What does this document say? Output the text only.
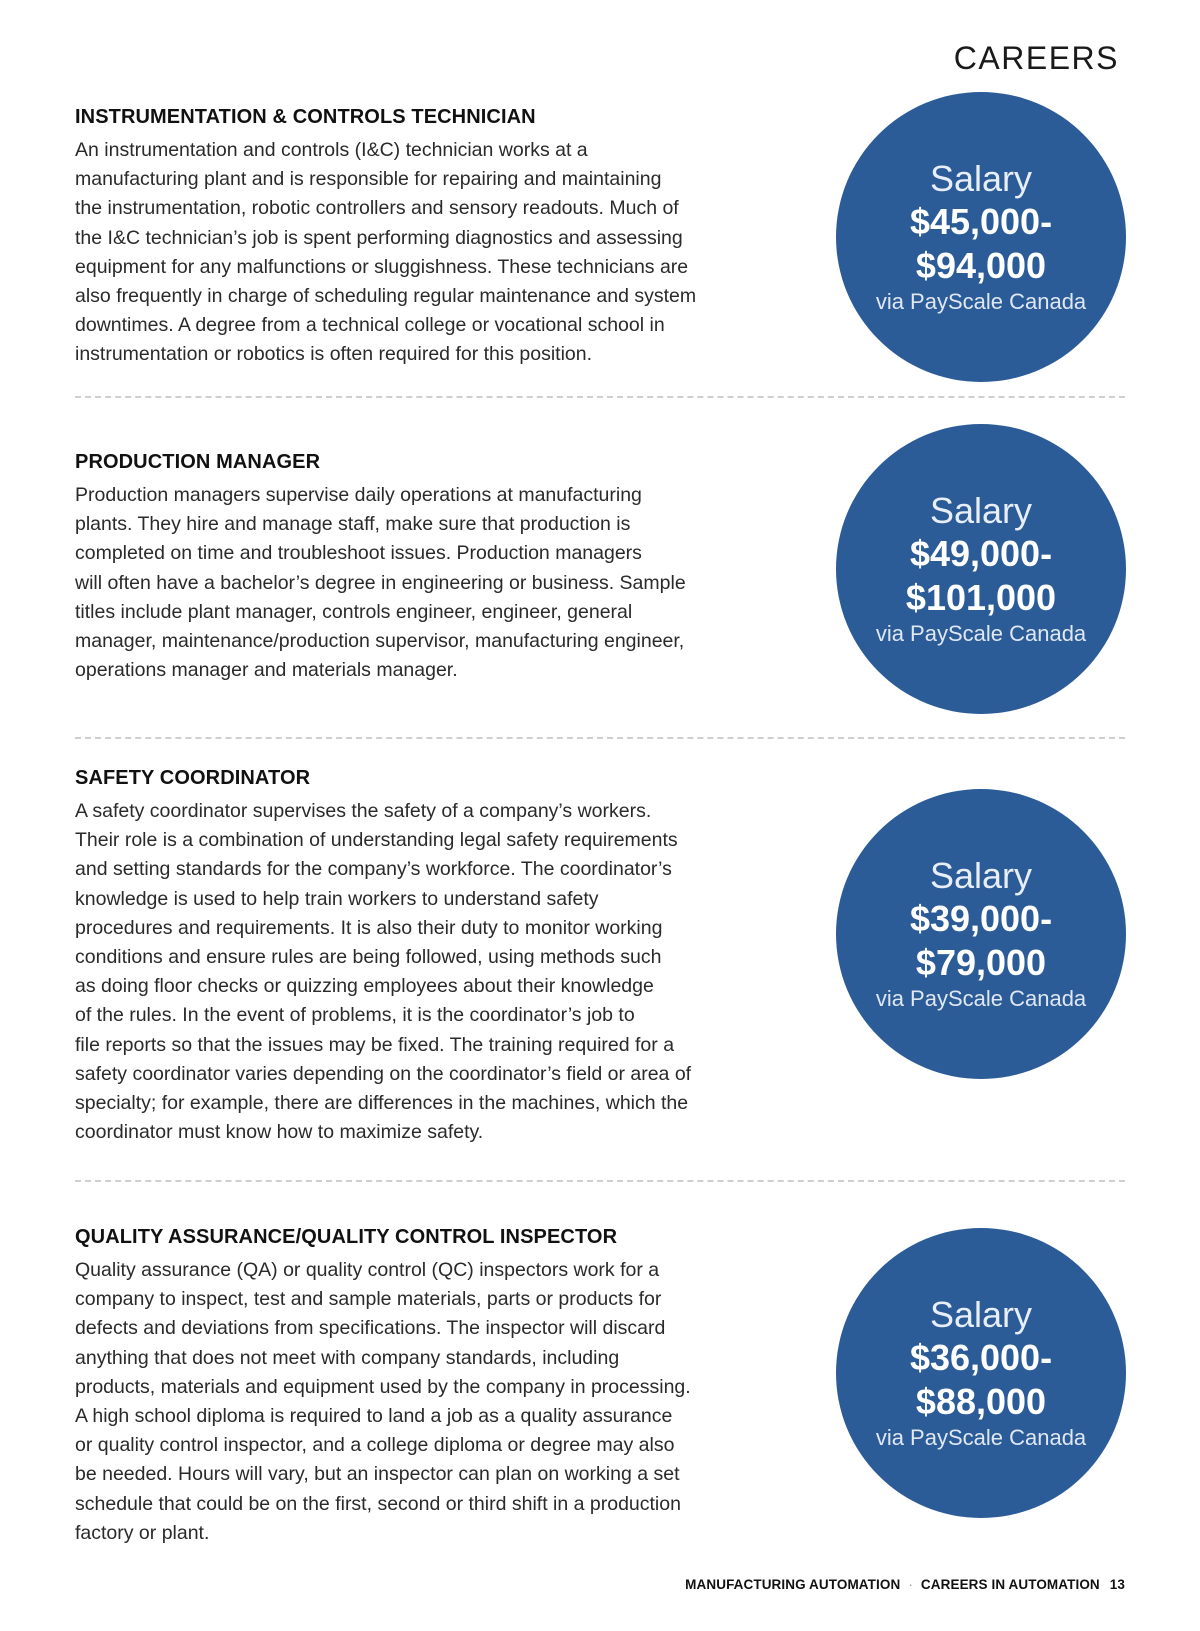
CAREERS
INSTRUMENTATION & CONTROLS TECHNICIAN
An instrumentation and controls (I&C) technician works at a
manufacturing plant and is responsible for repairing and maintaining
the instrumentation, robotic controllers and sensory readouts. Much of
the I&C technician’s job is spent performing diagnostics and assessing
equipment for any malfunctions or sluggishness. These technicians are
also frequently in charge of scheduling regular maintenance and system
downtimes. A degree from a technical college or vocational school in
instrumentation or robotics is often required for this position.
Salary
$45,000-
$94,000
via PayScale Canada
PRODUCTION MANAGER
Production managers supervise daily operations at manufacturing
plants. They hire and manage staff, make sure that production is
completed on time and troubleshoot issues. Production managers
will often have a bachelor’s degree in engineering or business. Sample
titles include plant manager, controls engineer, engineer, general
manager, maintenance/production supervisor, manufacturing engineer,
operations manager and materials manager.
Salary
$49,000-
$101,000
via PayScale Canada
SAFETY COORDINATOR
A safety coordinator supervises the safety of a company’s workers.
Their role is a combination of understanding legal safety requirements
and setting standards for the company’s workforce. The coordinator’s
knowledge is used to help train workers to understand safety
procedures and requirements. It is also their duty to monitor working
conditions and ensure rules are being followed, using methods such
as doing floor checks or quizzing employees about their knowledge
of the rules. In the event of problems, it is the coordinator’s job to
file reports so that the issues may be fixed. The training required for a
safety coordinator varies depending on the coordinator’s field or area of
specialty; for example, there are differences in the machines, which the
coordinator must know how to maximize safety.
Salary
$39,000-
$79,000
via PayScale Canada
QUALITY ASSURANCE/QUALITY CONTROL INSPECTOR
Quality assurance (QA) or quality control (QC) inspectors work for a
company to inspect, test and sample materials, parts or products for
defects and deviations from specifications. The inspector will discard
anything that does not meet with company standards, including
products, materials and equipment used by the company in processing.
A high school diploma is required to land a job as a quality assurance
or quality control inspector, and a college diploma or degree may also
be needed. Hours will vary, but an inspector can plan on working a set
schedule that could be on the first, second or third shift in a production
factory or plant.
Salary
$36,000-
$88,000
via PayScale Canada
MANUFACTURING AUTOMATION · CAREERS IN AUTOMATION 13
